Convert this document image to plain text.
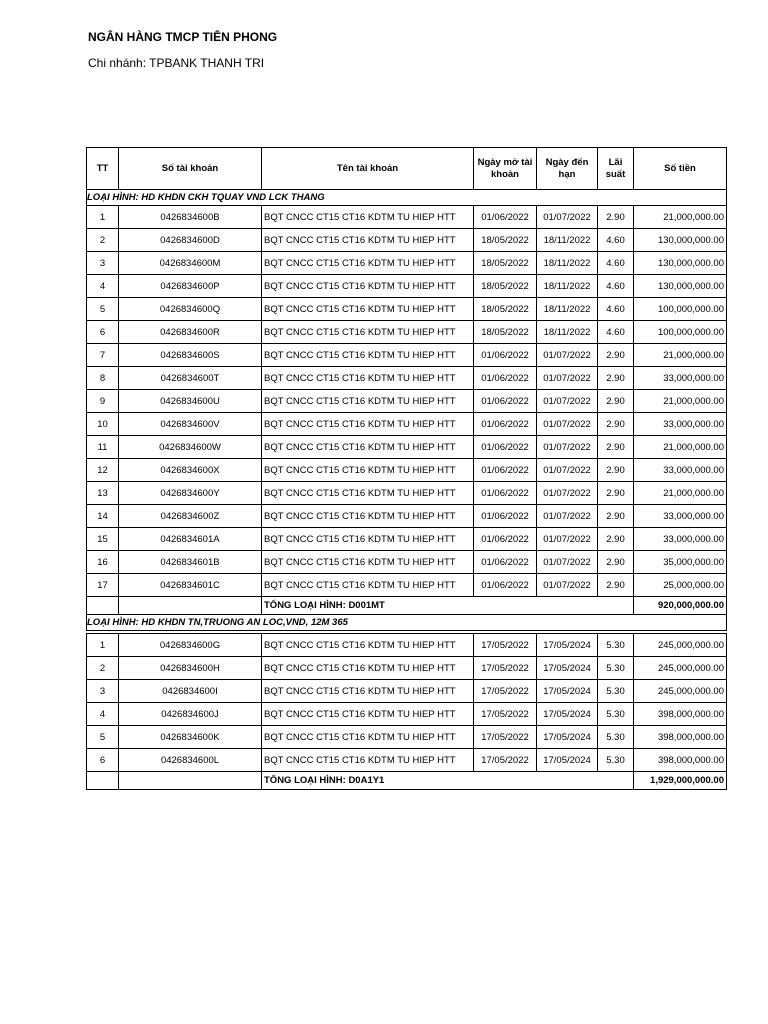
NGÂN HÀNG TMCP TIÊN PHONG
Chi nhánh: TPBANK THANH TRI
TT	Số tài khoản	Tên tài khoản	Ngày mở tài khoản	Ngày đến hạn	Lãi suất	Số tiền
LOẠI HÌNH: HD KHDN CKH TQUAY VND LCK THANG						
1	0426834600B	BQT CNCC CT15 CT16 KDTM TU HIEP HTT	01/06/2022	01/07/2022	2.90	21,000,000.00
2	0426834600D	BQT CNCC CT15 CT16 KDTM TU HIEP HTT	18/05/2022	18/11/2022	4.60	130,000,000.00
3	0426834600M	BQT CNCC CT15 CT16 KDTM TU HIEP HTT	18/05/2022	18/11/2022	4.60	130,000,000.00
4	0426834600P	BQT CNCC CT15 CT16 KDTM TU HIEP HTT	18/05/2022	18/11/2022	4.60	130,000,000.00
5	0426834600Q	BQT CNCC CT15 CT16 KDTM TU HIEP HTT	18/05/2022	18/11/2022	4.60	100,000,000.00
6	0426834600R	BQT CNCC CT15 CT16 KDTM TU HIEP HTT	18/05/2022	18/11/2022	4.60	100,000,000.00
7	0426834600S	BQT CNCC CT15 CT16 KDTM TU HIEP HTT	01/06/2022	01/07/2022	2.90	21,000,000.00
8	0426834600T	BQT CNCC CT15 CT16 KDTM TU HIEP HTT	01/06/2022	01/07/2022	2.90	33,000,000.00
9	0426834600U	BQT CNCC CT15 CT16 KDTM TU HIEP HTT	01/06/2022	01/07/2022	2.90	21,000,000.00
10	0426834600V	BQT CNCC CT15 CT16 KDTM TU HIEP HTT	01/06/2022	01/07/2022	2.90	33,000,000.00
11	0426834600W	BQT CNCC CT15 CT16 KDTM TU HIEP HTT	01/06/2022	01/07/2022	2.90	21,000,000.00
12	0426834600X	BQT CNCC CT15 CT16 KDTM TU HIEP HTT	01/06/2022	01/07/2022	2.90	33,000,000.00
13	0426834600Y	BQT CNCC CT15 CT16 KDTM TU HIEP HTT	01/06/2022	01/07/2022	2.90	21,000,000.00
14	0426834600Z	BQT CNCC CT15 CT16 KDTM TU HIEP HTT	01/06/2022	01/07/2022	2.90	33,000,000.00
15	0426834601A	BQT CNCC CT15 CT16 KDTM TU HIEP HTT	01/06/2022	01/07/2022	2.90	33,000,000.00
16	0426834601B	BQT CNCC CT15 CT16 KDTM TU HIEP HTT	01/06/2022	01/07/2022	2.90	35,000,000.00
17	0426834601C	BQT CNCC CT15 CT16 KDTM TU HIEP HTT	01/06/2022	01/07/2022	2.90	25,000,000.00
		TỔNG LOẠI HÌNH: D001MT				920,000,000.00
LOẠI HÌNH: HD KHDN TN,TRUONG AN LOC,VND, 12M 365						

1	0426834600G	BQT CNCC CT15 CT16 KDTM TU HIEP HTT	17/05/2022	17/05/2024	5.30	245,000,000.00
2	0426834600H	BQT CNCC CT15 CT16 KDTM TU HIEP HTT	17/05/2022	17/05/2024	5.30	245,000,000.00
3	0426834600I	BQT CNCC CT15 CT16 KDTM TU HIEP HTT	17/05/2022	17/05/2024	5.30	245,000,000.00
4	0426834600J	BQT CNCC CT15 CT16 KDTM TU HIEP HTT	17/05/2022	17/05/2024	5.30	398,000,000.00
5	0426834600K	BQT CNCC CT15 CT16 KDTM TU HIEP HTT	17/05/2022	17/05/2024	5.30	398,000,000.00
6	0426834600L	BQT CNCC CT15 CT16 KDTM TU HIEP HTT	17/05/2022	17/05/2024	5.30	398,000,000.00
		TỔNG LOẠI HÌNH: D0A1Y1				1,929,000,000.00
